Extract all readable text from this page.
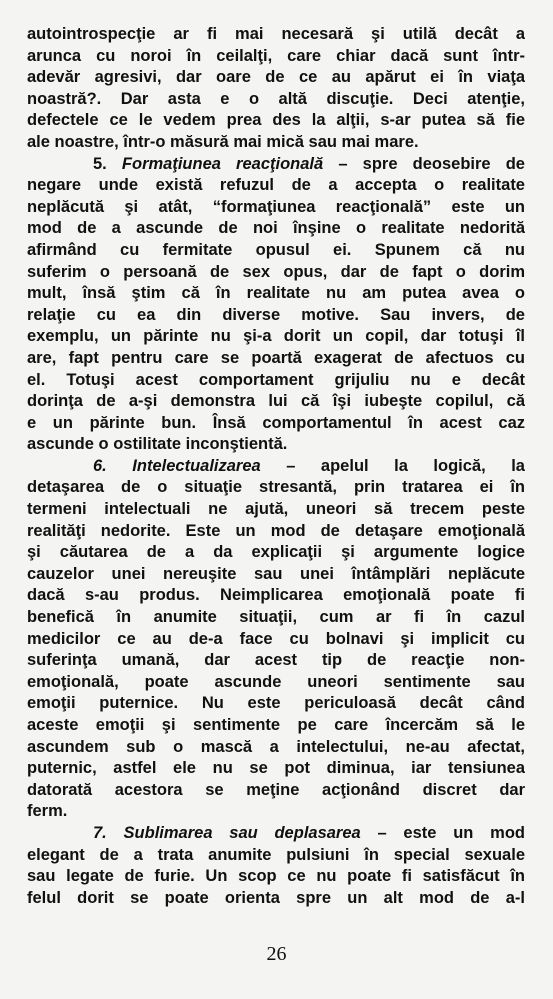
autointrospecţie ar fi mai necesară şi utilă decât a
arunca cu noroi în ceilalţi, care chiar dacă sunt într-
adevăr agresivi, dar oare de ce au apărut ei în viaţa
noastră?. Dar asta e o altă discuţie. Deci atenţie,
defectele ce le vedem prea des la alţii, s-ar putea să fie
ale noastre, într-o măsură mai mică sau mai mare.
5. Formaţiunea reacţională – spre deosebire de
negare unde există refuzul de a accepta o realitate
neplăcută şi atât, “formaţiunea reacţională” este un
mod de a ascunde de noi înşine o realitate nedorită
afirmând cu fermitate opusul ei. Spunem că nu
suferim o persoană de sex opus, dar de fapt o dorim
mult, însă ştim că în realitate nu am putea avea o
relaţie cu ea din diverse motive. Sau invers, de
exemplu, un părinte nu şi-a dorit un copil, dar totuşi îl
are, fapt pentru care se poartă exagerat de afectuos cu
el. Totuşi acest comportament grijuliu nu e decât
dorinţa de a-şi demonstra lui că îşi iubeşte copilul, că
e un părinte bun. Însă comportamentul în acest caz
ascunde o ostilitate inconştientă.
6. Intelectualizarea – apelul la logică, la
detaşarea de o situaţie stresantă, prin tratarea ei în
termeni intelectuali ne ajută, uneori să trecem peste
realităţi nedorite. Este un mod de detaşare emoţională
şi căutarea de a da explicaţii şi argumente logice
cauzelor unei nereuşite sau unei întâmplări neplăcute
dacă s-au produs. Neimplicarea emoţională poate fi
benefică în anumite situaţii, cum ar fi în cazul
medicilor ce au de-a face cu bolnavi şi implicit cu
suferinţa umană, dar acest tip de reacţie non-
emoţională, poate ascunde uneori sentimente sau
emoţii puternice. Nu este periculoasă decât când
aceste emoţii şi sentimente pe care încercăm să le
ascundem sub o mască a intelectului, ne-au afectat,
puternic, astfel ele nu se pot diminua, iar tensiunea
datorată acestora se meţine acţionând discret dar
ferm.
7. Sublimarea sau deplasarea – este un mod
elegant de a trata anumite pulsiuni în special sexuale
sau legate de furie. Un scop ce nu poate fi satisfăcut în
felul dorit se poate orienta spre un alt mod de a-l
26
